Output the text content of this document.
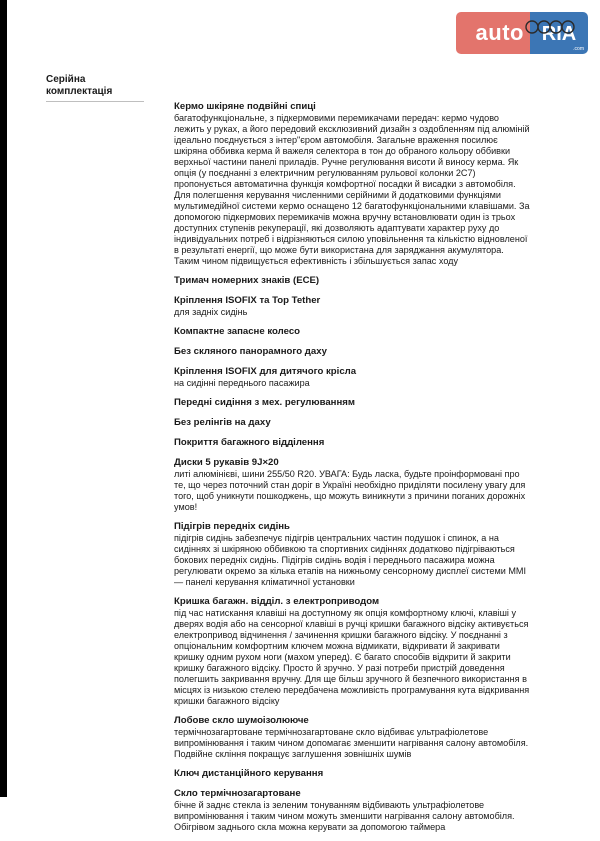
auto RIA
.com
Серійна комплектація
Кермо шкіряне подвійні спиці
багатофункціональне, з підкермовими перемикачами передач: кермо чудово лежить у руках, а його передовий ексклюзивний дизайн з оздобленням під алюміній ідеально поєднується з інтер"єром автомобіля. Загальне враження посилює шкіряна оббивка керма й важеля селектора в тон до обраного кольору оббивки верхньої частини панелі приладів. Ручне регулювання висоти й виносу керма. Як опція (у поєднанні з електричним регулюванням рульової колонки 2C7) пропонується автоматична функція комфортної посадки й висадки з автомобіля. Для полегшення керування численними серійними й додатковими функціями мультимедійної системи кермо оснащено 12 багатофункціональними клавішами. За допомогою підкермових перемикачів можна вручну встановлювати один із трьох доступних ступенів рекуперації, які дозволяють адаптувати характер руху до індивідуальних потреб і відрізняються силою уповільнення та кількістю відновленої в результаті енергії, що може бути використана для заряджання акумулятора. Таким чином підвищується ефективність і збільшується запас ходу
Тримач номерних знаків (ECE)
Кріплення ISOFIX та Top Tether
для задніх сидінь
Компактне запасне колесо
Без скляного панорамного даху
Кріплення ISOFIX для дитячого крісла
на сидінні переднього пасажира
Передні сидіння з мех. регулюванням
Без релінгів на даху
Покриття багажного відділення
Диски 5 рукавів 9J×20
литі алюмінієві, шини 255/50 R20. УВАГА: Будь ласка, будьте проінформовані про те, що через поточний стан доріг в Україні необхідно приділяти посилену увагу для того, щоб уникнути пошкоджень, що можуть виникнути з причини поганих дорожніх умов!
Підігрів передніх сидінь
підігрів сидінь забезпечує підігрів центральних частин подушок і спинок, а на сидіннях зі шкіряною оббивкою та спортивних сидіннях додатково підігріваються бокових передніх сидінь. Підігрів сидінь водія і переднього пасажира можна регулювати окремо за кілька етапів на нижньому сенсорному дисплеї системи MMI — панелі керування кліматичної установки
Кришка багажн. відділ. з електроприводом
під час натискання клавіші на доступному як опція комфортному ключі, клавіші у дверях водія або на сенсорної клавіші в ручці кришки багажного відсіку активується електропривод відчинення / зачинення кришки багажного відсіку. У поєднанні з опціональним комфортним ключем можна відмикати, відкривати й закривати кришку одним рухом ноги (махом уперед). Є багато способів відкрити й закрити кришку багажного відсіку. Просто й зручно. У разі потреби пристрій доведення полегшить закривання вручну. Для ще більш зручного й безпечного використання в місцях із низькою стелею передбачена можливість програмування кута відкривання кришки багажного відсіку
Лобове скло шумоізолююче
термічнозагартоване термічнозагартоване скло відбиває ультрафіолетове випромінювання і таким чином допомагає зменшити нагрівання салону автомобіля. Подвійне скління покращує заглушення зовнішніх шумів
Ключ дистанційного керування
Скло термічнозагартоване
бічне й заднє стекла із зеленим тонуванням відбивають ультрафіолетове випромінювання і таким чином можуть зменшити нагрівання салону автомобіля. Обігрівом заднього скла можна керувати за допомогою таймера
